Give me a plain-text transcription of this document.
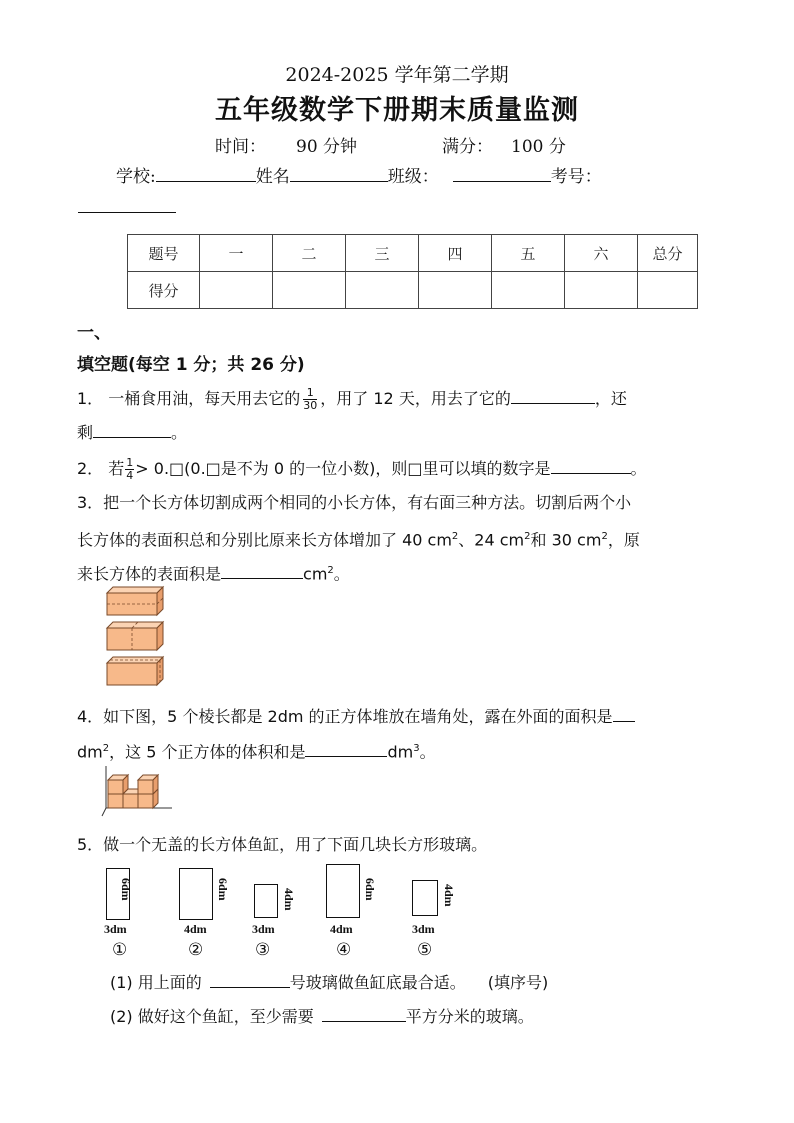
2024-2025 学年第二学期
五年级数学下册期末质量监测
时间： 90 分钟	满分： 100 分
学校:	姓名	班级：	考号：
题号	一	二	三	四	五	六	总分
得分							
一、
填空题(每空 1 分；共 26 分)
1． 一桶食用油，每天用去它的 $\frac{1}{30}$ ，用了 12 天，用去了它的	，还
剩	。
2． 若 $\frac{1}{4}$ > 0.□(0.□是不为 0 的一位小数)，则□里可以填的数字是	。
3．把一个长方体切割成两个相同的小长方体，有右面三种方法。切割后两个小
长方体的表面积总和分别比原来长方体增加了 40 $cm^2$、24 $cm^2$和 30 $cm^2$，原
来长方体的表面积是	$cm^2$。
4．如下图，5 个棱长都是 2dm 的正方体堆放在墙角处，露在外面的面积是
$dm^2$，这 5 个正方体的体积和是	$dm^3$。
5．做一个无盖的长方体鱼缸，用了下面几块长方形玻璃。
6dm
3dm
①
6dm
4dm
②
4dm
3dm
③
6dm
4dm
④
4dm
3dm
⑤
(1) 用上面的	号玻璃做鱼缸底最合适。 (填序号)
(2) 做好这个鱼缸，至少需要	平方分米的玻璃。
